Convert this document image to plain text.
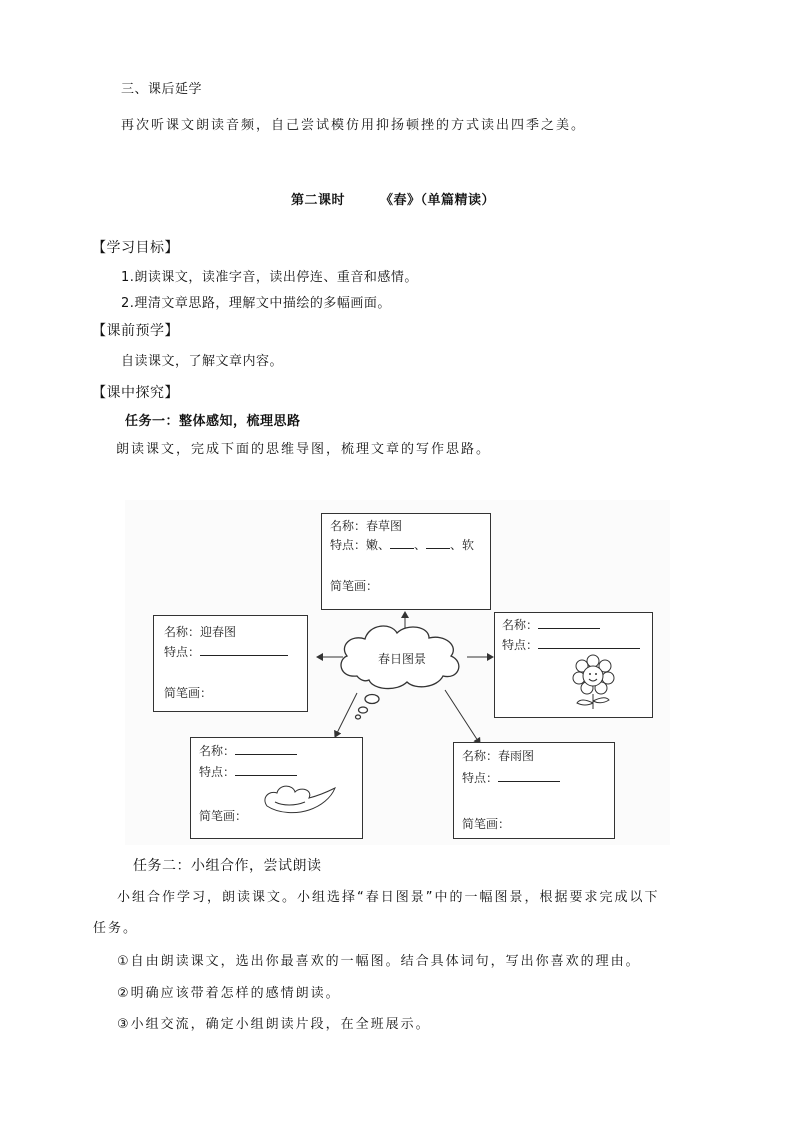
三、课后延学
再次听课文朗读音频，自己尝试模仿用抑扬顿挫的方式读出四季之美。
第二课时	《春》（单篇精读）
【学习目标】
1.朗读课文，读准字音，读出停连、重音和感情。
2.理清文章思路，理解文中描绘的多幅画面。
【课前预学】
自读课文，了解文章内容。
【课中探究】
任务一：整体感知，梳理思路
朗读课文，完成下面的思维导图，梳理文章的写作思路。
春日图景
名称：春草图
特点：嫩、 、 、软
简笔画：
名称：迎春图
特点：
简笔画：
名称：
特点：
名称：
特点：
简笔画：
名称：春雨图
特点：
简笔画：
任务二：小组合作，尝试朗读
小组合作学习，朗读课文。小组选择“春日图景”中的一幅图景，根据要求完成以下
任务。
①自由朗读课文，选出你最喜欢的一幅图。结合具体词句，写出你喜欢的理由。
②明确应该带着怎样的感情朗读。
③小组交流，确定小组朗读片段，在全班展示。
